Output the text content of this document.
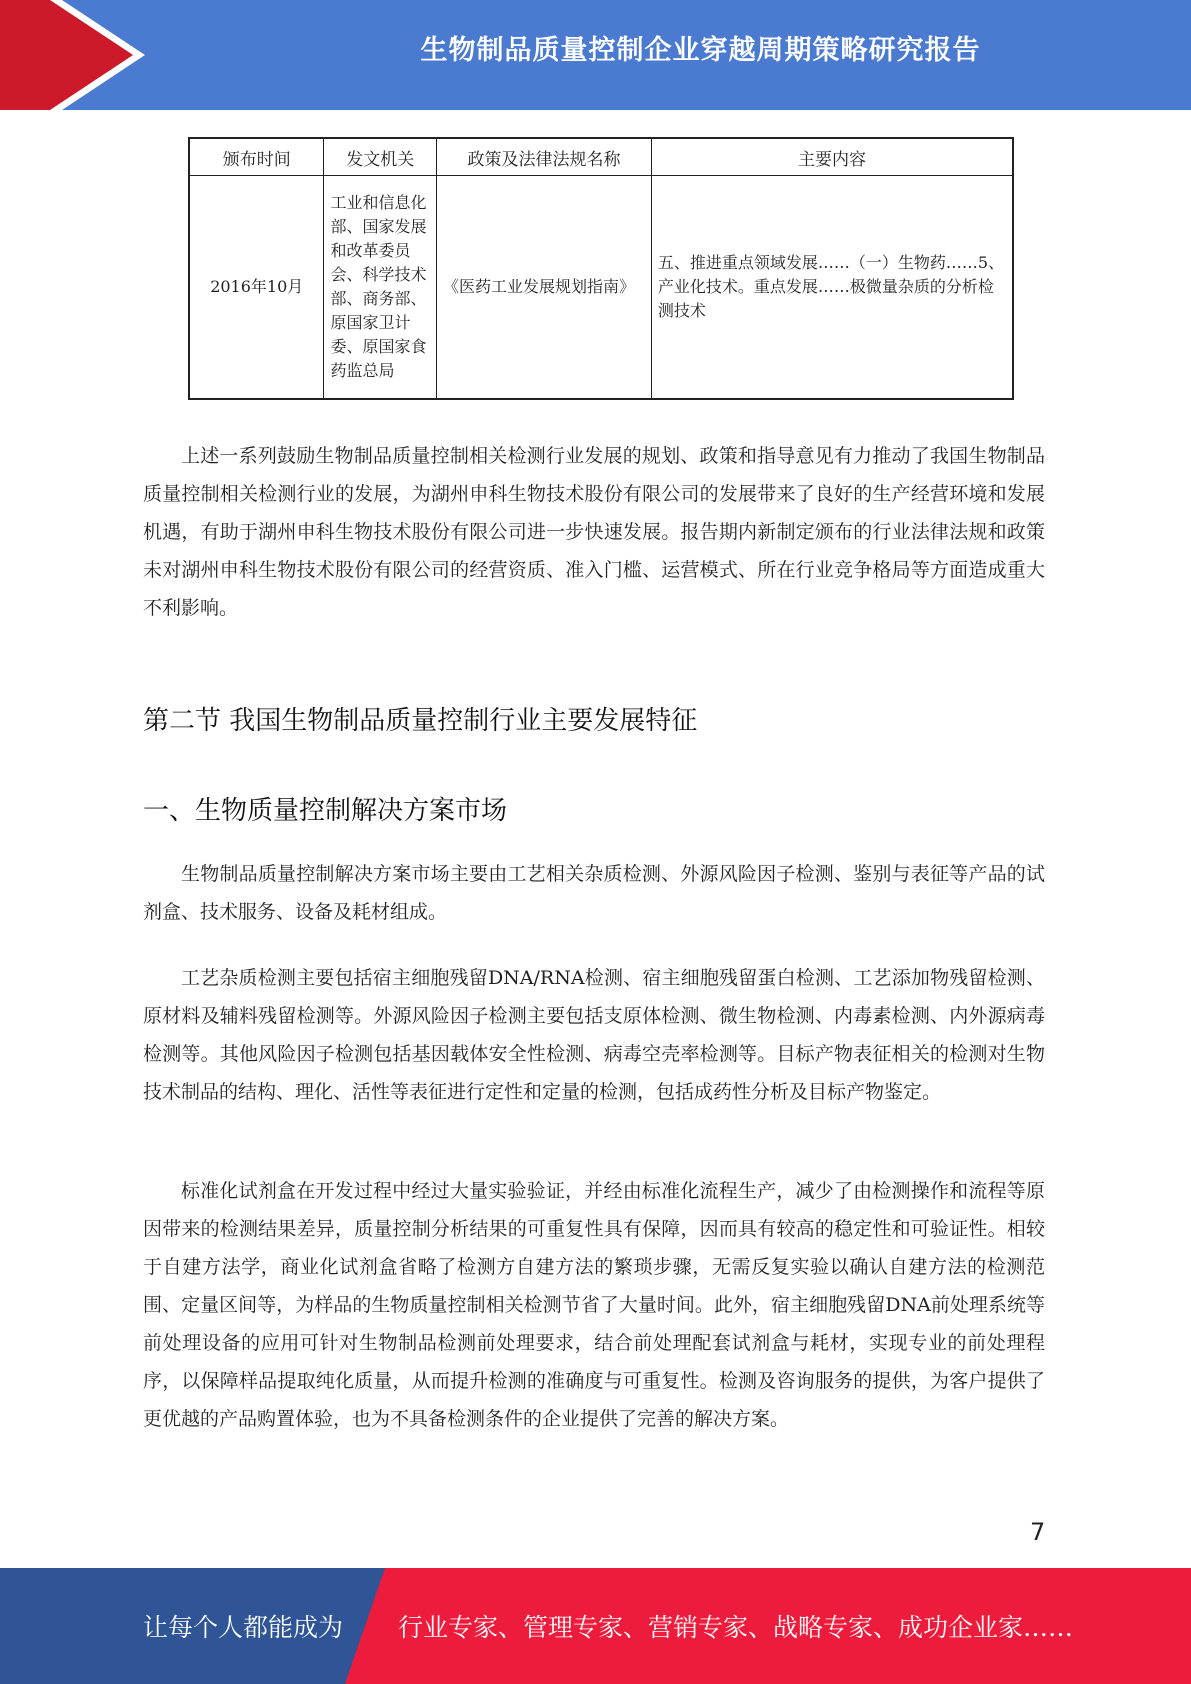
生物制品质量控制企业穿越周期策略研究报告
颁布时间	发文机关	政策及法律法规名称	主要内容
2016年10月	工业和信息化部、国家发展和改革委员会、科学技术部、商务部、原国家卫计委、原国家食药监总局	《医药工业发展规划指南》	五、推进重点领域发展……（一）生物药……5、产业化技术。重点发展……极微量杂质的分析检测技术

上述一系列鼓励生物制品质量控制相关检测行业发展的规划、政策和指导意见有力推动了我国生物制品质量控制相关检测行业的发展，为湖州申科生物技术股份有限公司的发展带来了良好的生产经营环境和发展机遇，有助于湖州申科生物技术股份有限公司进一步快速发展。报告期内新制定颁布的行业法律法规和政策未对湖州申科生物技术股份有限公司的经营资质、准入门槛、运营模式、所在行业竞争格局等方面造成重大不利影响。

第二节 我国生物制品质量控制行业主要发展特征
一、生物质量控制解决方案市场

生物制品质量控制解决方案市场主要由工艺相关杂质检测、外源风险因子检测、鉴别与表征等产品的试剂盒、技术服务、设备及耗材组成。

工艺杂质检测主要包括宿主细胞残留DNA/RNA检测、宿主细胞残留蛋白检测、工艺添加物残留检测、原材料及辅料残留检测等。外源风险因子检测主要包括支原体检测、微生物检测、内毒素检测、内外源病毒检测等。其他风险因子检测包括基因载体安全性检测、病毒空壳率检测等。目标产物表征相关的检测对生物技术制品的结构、理化、活性等表征进行定性和定量的检测，包括成药性分析及目标产物鉴定。

标准化试剂盒在开发过程中经过大量实验验证，并经由标准化流程生产，减少了由检测操作和流程等原因带来的检测结果差异，质量控制分析结果的可重复性具有保障，因而具有较高的稳定性和可验证性。相较于自建方法学，商业化试剂盒省略了检测方自建方法的繁琐步骤，无需反复实验以确认自建方法的检测范围、定量区间等，为样品的生物质量控制相关检测节省了大量时间。此外，宿主细胞残留DNA前处理系统等前处理设备的应用可针对生物制品检测前处理要求，结合前处理配套试剂盒与耗材，实现专业的前处理程序，以保障样品提取纯化质量，从而提升检测的准确度与可重复性。检测及咨询服务的提供，为客户提供了更优越的产品购置体验，也为不具备检测条件的企业提供了完善的解决方案。

7
让每个人都能成为 行业专家、管理专家、营销专家、战略专家、成功企业家……
